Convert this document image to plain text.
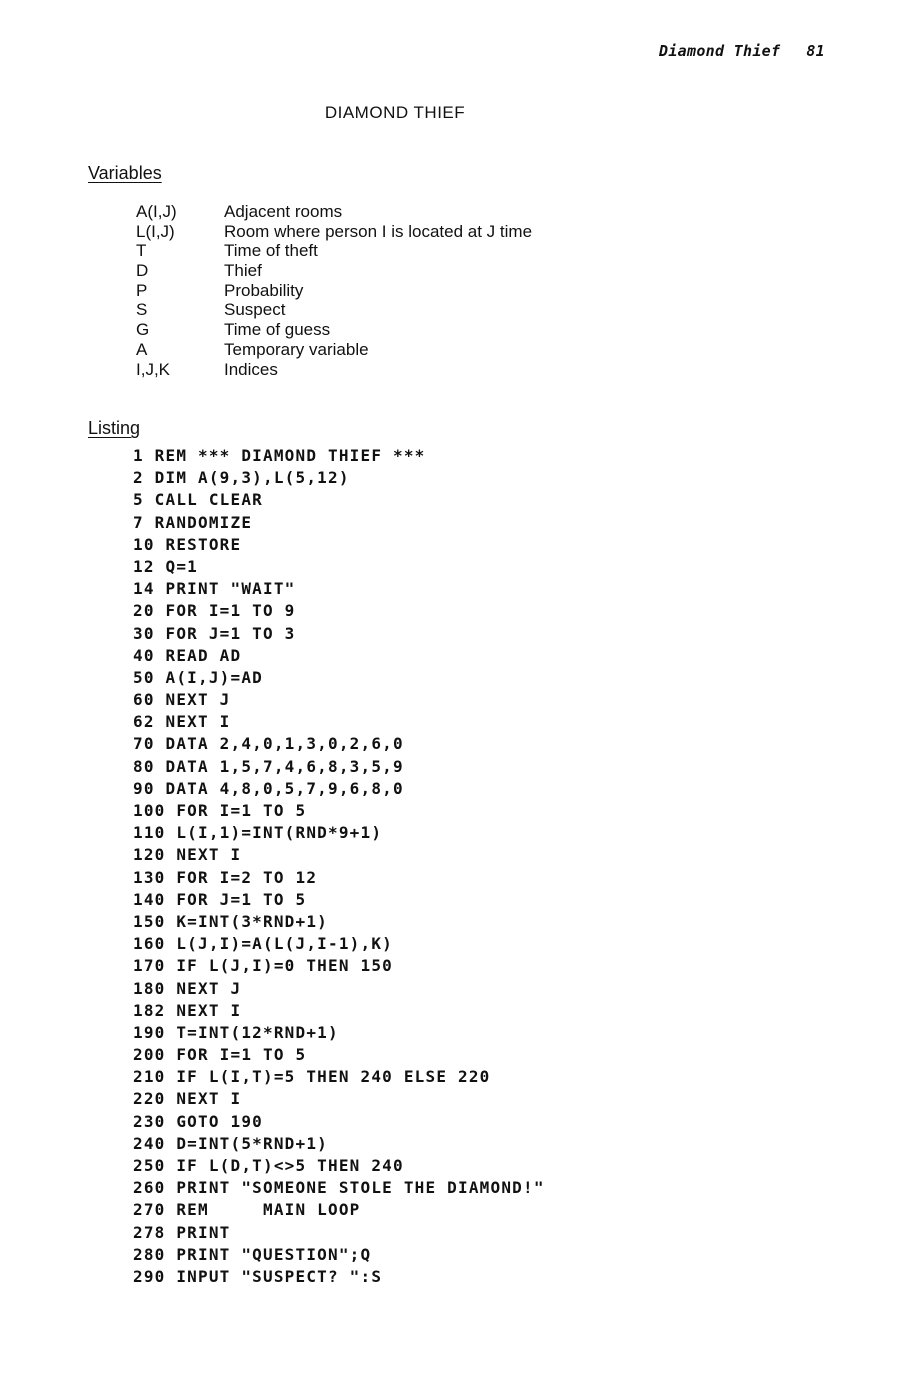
Diamond Thief 81
DIAMOND THIEF
Variables
A(I,J)	Adjacent rooms
L(I,J)	Room where person I is located at J time
T	Time of theft
D	Thief
P	Probability
S	Suspect
G	Time of guess
A	Temporary variable
I,J,K	Indices
Listing
1 REM *** DIAMOND THIEF ***
2 DIM A(9,3),L(5,12)
5 CALL CLEAR
7 RANDOMIZE
10 RESTORE
12 Q=1
14 PRINT "WAIT"
20 FOR I=1 TO 9
30 FOR J=1 TO 3
40 READ AD
50 A(I,J)=AD
60 NEXT J
62 NEXT I
70 DATA 2,4,0,1,3,0,2,6,0
80 DATA 1,5,7,4,6,8,3,5,9
90 DATA 4,8,0,5,7,9,6,8,0
100 FOR I=1 TO 5
110 L(I,1)=INT(RND*9+1)
120 NEXT I
130 FOR I=2 TO 12
140 FOR J=1 TO 5
150 K=INT(3*RND+1)
160 L(J,I)=A(L(J,I-1),K)
170 IF L(J,I)=0 THEN 150
180 NEXT J
182 NEXT I
190 T=INT(12*RND+1)
200 FOR I=1 TO 5
210 IF L(I,T)=5 THEN 240 ELSE 220
220 NEXT I
230 GOTO 190
240 D=INT(5*RND+1)
250 IF L(D,T)<>5 THEN 240
260 PRINT "SOMEONE STOLE THE DIAMOND!"
270 REM     MAIN LOOP
278 PRINT
280 PRINT "QUESTION";Q
290 INPUT "SUSPECT? ":S
